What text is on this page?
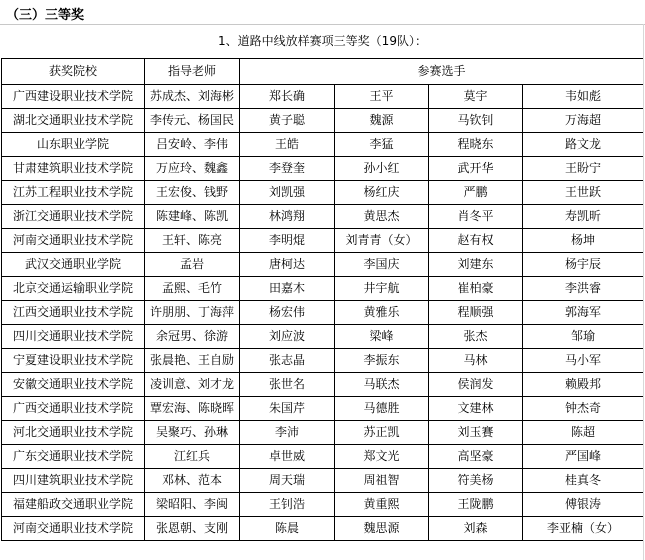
（三）三等奖
1、道路中线放样赛项三等奖（19队）：
获奖院校	指导老师	参赛选手			
广西建设职业技术学院	苏成杰、刘海彬	郑长确	王平	莫宇	韦如彪
湖北交通职业技术学院	李传元、杨国民	黄子聪	魏源	马钦钊	万海超
山东职业学院	吕安岭、李伟	王皓	李猛	程晓东	路文龙
甘肃建筑职业技术学院	万应玲、魏鑫	李登奎	孙小红	武开华	王盼宁
江苏工程职业技术学院	王宏俊、钱野	刘凯强	杨红庆	严鹏	王世跃
浙江交通职业技术学院	陈建峰、陈凯	林鸿翔	黄思杰	肖冬平	寿凯昕
河南交通职业技术学院	王轩、陈亮	李明焜	刘青青（女）	赵有权	杨坤
武汉交通职业学院	孟岩	唐柯达	李国庆	刘建东	杨宇辰
北京交通运输职业学院	孟熙、毛竹	田嘉木	井宇航	崔柏豪	李洪睿
江西交通职业技术学院	许朋朋、丁海萍	杨宏伟	黄雅乐	程顺强	郭海军
四川交通职业技术学院	余冠男、徐游	刘应波	梁峰	张杰	邹瑜
宁夏建设职业技术学院	张晨艳、王自励	张志晶	李振东	马林	马小军
安徽交通职业技术学院	凌训意、刘才龙	张世名	马联杰	侯润发	赖殿邦
广西交通职业技术学院	覃宏海、陈晓晖	朱国芹	马德胜	文建林	钟杰奇
河北交通职业技术学院	吴聚巧、孙琳	李沛	苏正凯	刘玉賽	陈超
广东交通职业技术学院	江红兵	卓世威	郑文光	高坚豪	严国峰
四川建筑职业技术学院	邓林、范本	周天瑞	周祖智	符美杨	桂真冬
福建船政交通职业学院	梁昭阳、李闽	王钊浩	黄重熙	王陇鹏	傅银涛
河南交通职业技术学院	张恩朝、支刚	陈晨	魏思源	刘森	李亚楠（女）
